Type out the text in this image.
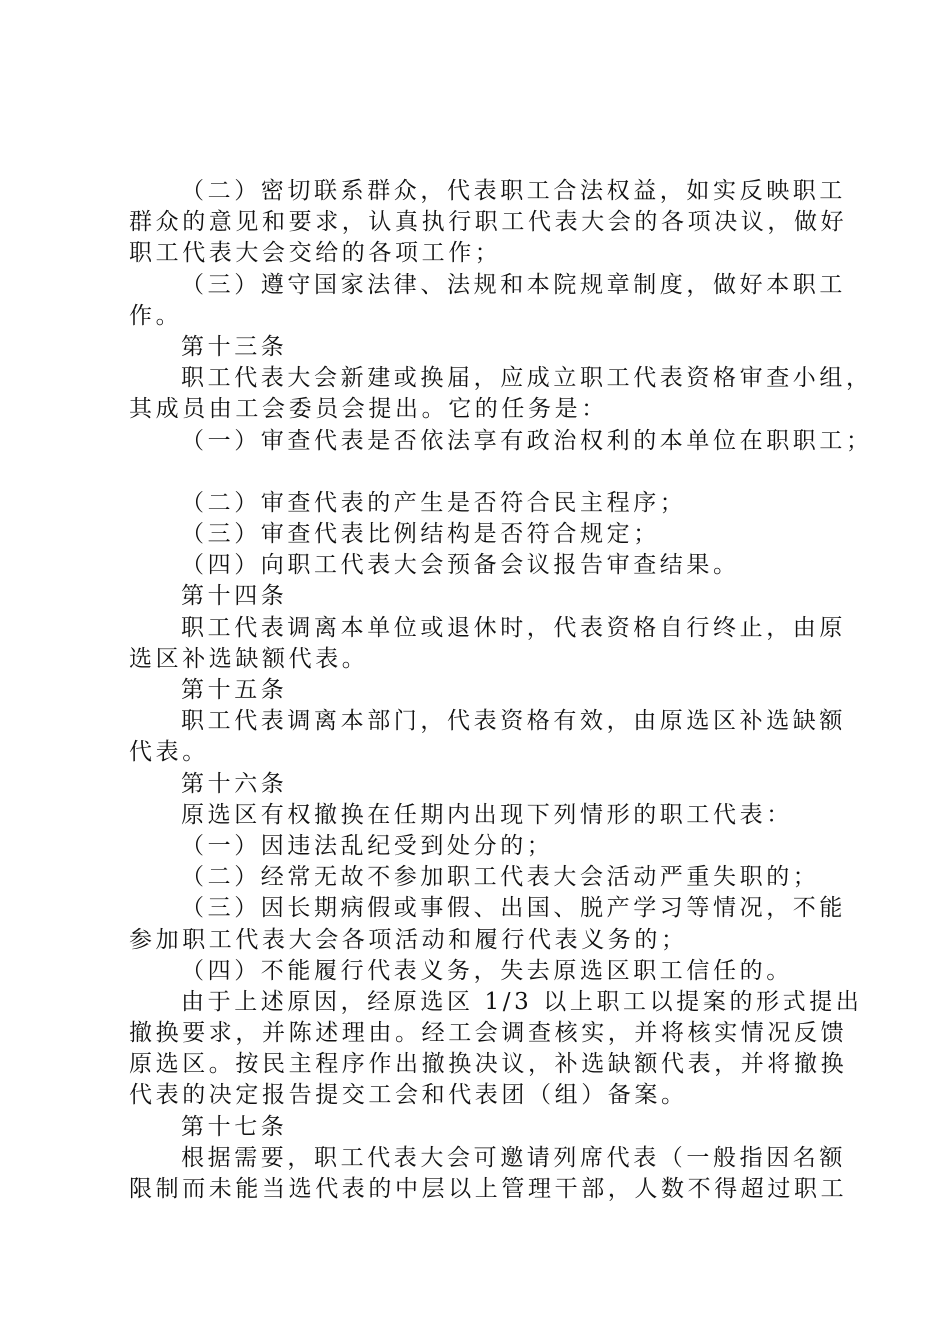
（二）密切联系群众，代表职工合法权益，如实反映职工
群众的意见和要求，认真执行职工代表大会的各项决议，做好
职工代表大会交给的各项工作；
（三）遵守国家法律、法规和本院规章制度，做好本职工
作。
第十三条
职工代表大会新建或换届，应成立职工代表资格审查小组，
其成员由工会委员会提出。它的任务是：
（一）审查代表是否依法享有政治权利的本单位在职职工；
（二）审查代表的产生是否符合民主程序；
（三）审查代表比例结构是否符合规定；
（四）向职工代表大会预备会议报告审查结果。
第十四条
职工代表调离本单位或退休时，代表资格自行终止，由原
选区补选缺额代表。
第十五条
职工代表调离本部门，代表资格有效，由原选区补选缺额
代表。
第十六条
原选区有权撤换在任期内出现下列情形的职工代表：
（一）因违法乱纪受到处分的；
（二）经常无故不参加职工代表大会活动严重失职的；
（三）因长期病假或事假、出国、脱产学习等情况，不能
参加职工代表大会各项活动和履行代表义务的；
（四）不能履行代表义务，失去原选区职工信任的。
由于上述原因，经原选区 1/3 以上职工以提案的形式提出
撤换要求，并陈述理由。经工会调查核实，并将核实情况反馈
原选区。按民主程序作出撤换决议，补选缺额代表，并将撤换
代表的决定报告提交工会和代表团（组）备案。
第十七条
根据需要，职工代表大会可邀请列席代表（一般指因名额
限制而未能当选代表的中层以上管理干部，人数不得超过职工
